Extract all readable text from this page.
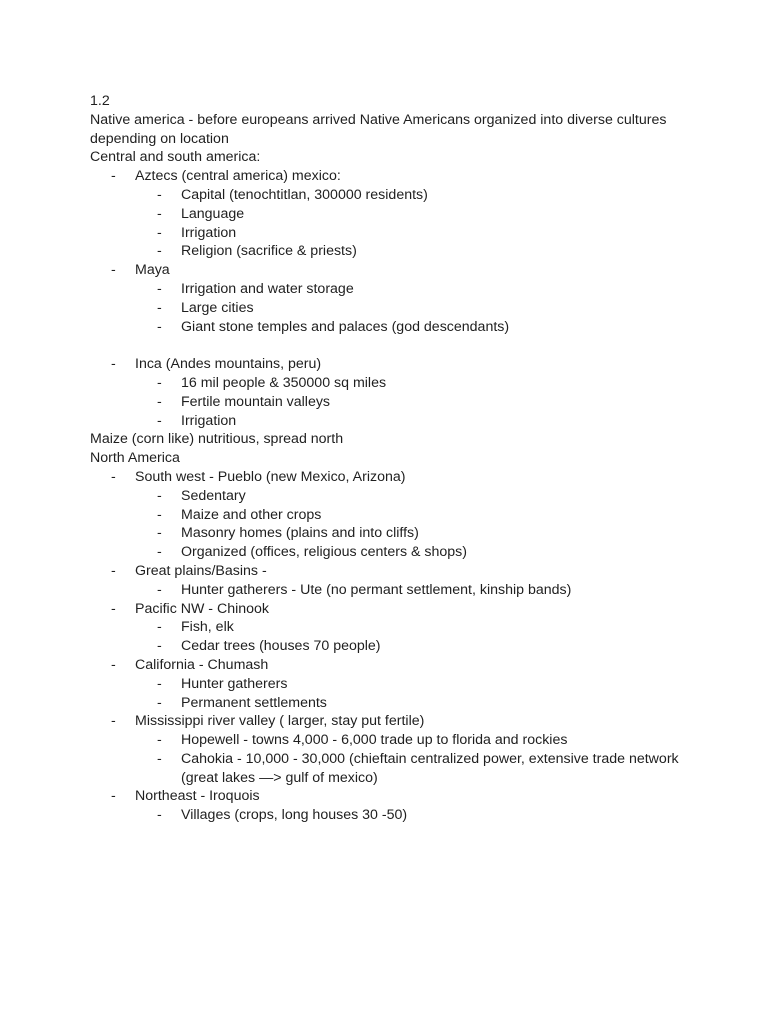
1.2
Native america - before europeans arrived Native Americans organized into diverse cultures depending on location
Central and south america:
- Aztecs (central america) mexico:
- Capital (tenochtitlan, 300000 residents)
- Language
- Irrigation
- Religion (sacrifice & priests)
- Maya
- Irrigation and water storage
- Large cities
- Giant stone temples and palaces (god descendants)
- Inca (Andes mountains, peru)
- 16 mil people & 350000 sq miles
- Fertile mountain valleys
- Irrigation
Maize (corn like) nutritious, spread north
North America
- South west - Pueblo (new Mexico, Arizona)
- Sedentary
- Maize and other crops
- Masonry homes (plains and into cliffs)
- Organized (offices, religious centers & shops)
- Great plains/Basins -
- Hunter gatherers - Ute (no permant settlement, kinship bands)
- Pacific NW - Chinook
- Fish, elk
- Cedar trees (houses 70 people)
- California - Chumash
- Hunter gatherers
- Permanent settlements
- Mississippi river valley ( larger, stay put fertile)
- Hopewell - towns 4,000 - 6,000 trade up to florida and rockies
- Cahokia - 10,000 - 30,000 (chieftain centralized power, extensive trade network (great lakes —> gulf of mexico)
- Northeast - Iroquois
- Villages (crops, long houses 30 -50)
